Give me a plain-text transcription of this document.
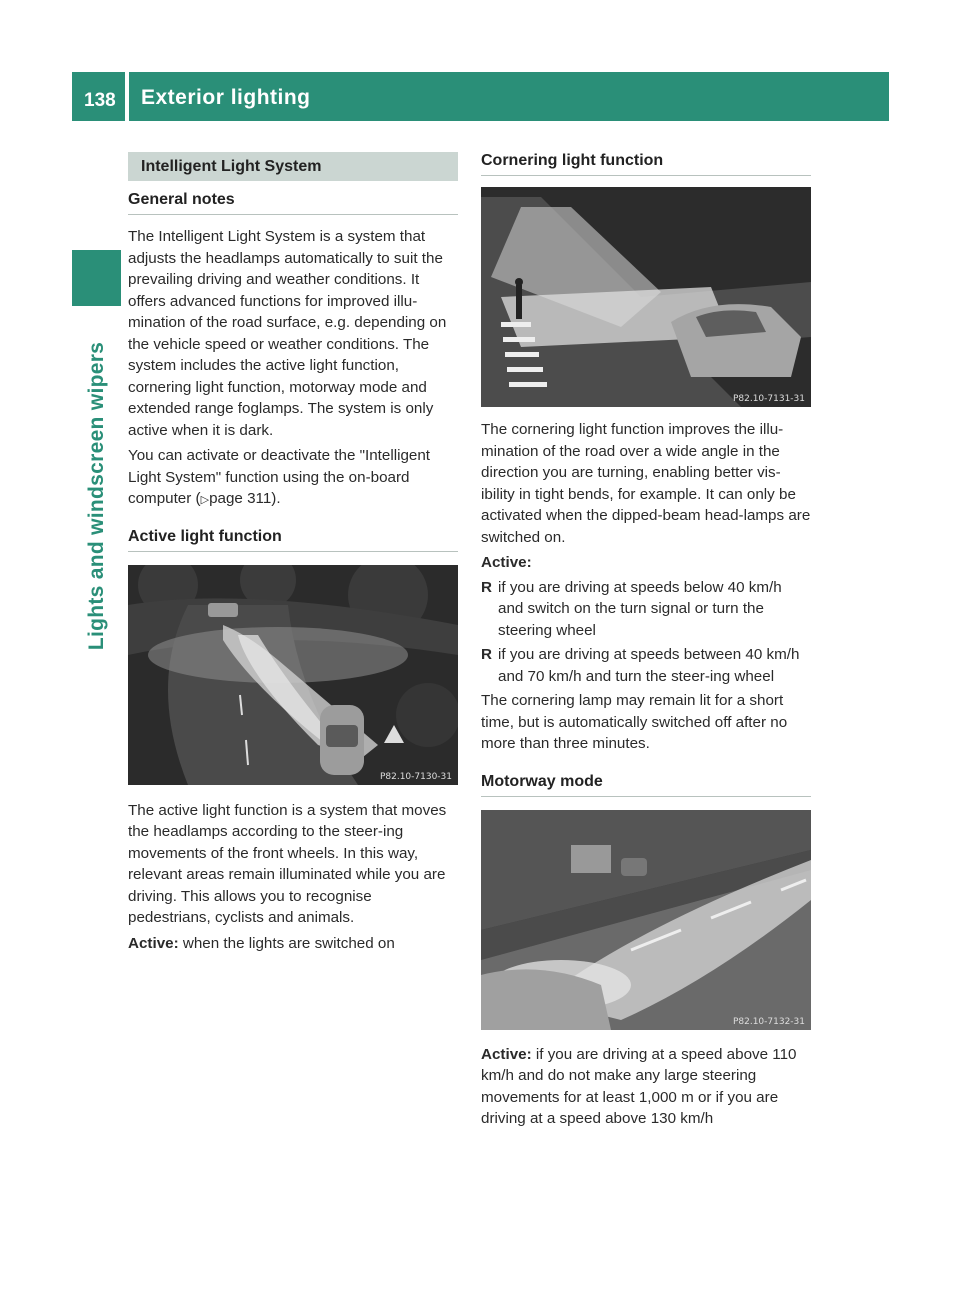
138 Exterior lighting
Lights and windscreen wipers
Intelligent Light System
General notes

The Intelligent Light System is a system that adjusts the headlamps automatically to suit the prevailing driving and weather conditions. It offers advanced functions for improved illu-mination of the road surface, e.g. depending on the vehicle speed or weather conditions. The system includes the active light function, cornering light function, motorway mode and extended range foglamps. The system is only active when it is dark.

You can activate or deactivate the "Intelligent Light System" function using the on-board computer (▷page 311).

Active light function
P82.10-7130-31

The active light function is a system that moves the headlamps according to the steer-ing movements of the front wheels. In this way, relevant areas remain illuminated while you are driving. This allows you to recognise pedestrians, cyclists and animals.

Active: when the lights are switched on

Cornering light function
P82.10-7131-31

The cornering light function improves the illu-mination of the road over a wide angle in the direction you are turning, enabling better vis-ibility in tight bends, for example. It can only be activated when the dipped-beam head-lamps are switched on.

Active:

R if you are driving at speeds below 40 km/h and switch on the turn signal or turn the steering wheel
R if you are driving at speeds between 40 km/h and 70 km/h and turn the steer-ing wheel

The cornering lamp may remain lit for a short time, but is automatically switched off after no more than three minutes.

Motorway mode
P82.10-7132-31

Active: if you are driving at a speed above 110 km/h and do not make any large steering movements for at least 1,000 m or if you are driving at a speed above 130 km/h
